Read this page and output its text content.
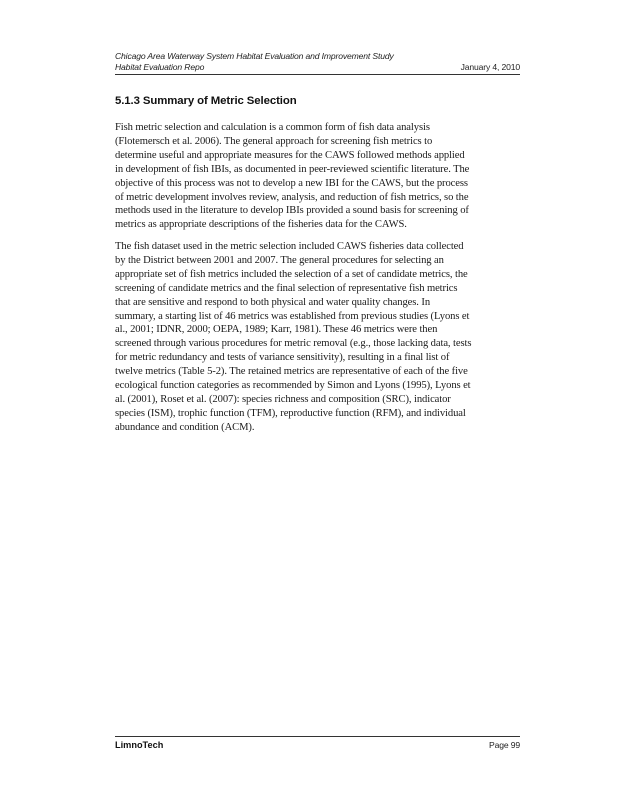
Chicago Area Waterway System Habitat Evaluation and Improvement Study
Habitat Evaluation Repo	January 4, 2010
5.1.3 Summary of Metric Selection

Fish metric selection and calculation is a common form of fish data analysis
(Flotemersch et al. 2006). The general approach for screening fish metrics to
determine useful and appropriate measures for the CAWS followed methods applied
in development of fish IBIs, as documented in peer-reviewed scientific literature. The
objective of this process was not to develop a new IBI for the CAWS, but the process
of metric development involves review, analysis, and reduction of fish metrics, so the
methods used in the literature to develop IBIs provided a sound basis for screening of
metrics as appropriate descriptions of the fisheries data for the CAWS.

The fish dataset used in the metric selection included CAWS fisheries data collected
by the District between 2001 and 2007. The general procedures for selecting an
appropriate set of fish metrics included the selection of a set of candidate metrics, the
screening of candidate metrics and the final selection of representative fish metrics
that are sensitive and respond to both physical and water quality changes. In
summary, a starting list of 46 metrics was established from previous studies (Lyons et
al., 2001; IDNR, 2000; OEPA, 1989; Karr, 1981). These 46 metrics were then
screened through various procedures for metric removal (e.g., those lacking data, tests
for metric redundancy and tests of variance sensitivity), resulting in a final list of
twelve metrics (Table 5-2). The retained metrics are representative of each of the five
ecological function categories as recommended by Simon and Lyons (1995), Lyons et
al. (2001), Roset et al. (2007): species richness and composition (SRC), indicator
species (ISM), trophic function (TFM), reproductive function (RFM), and individual
abundance and condition (ACM).

LimnoTech	Page 99
